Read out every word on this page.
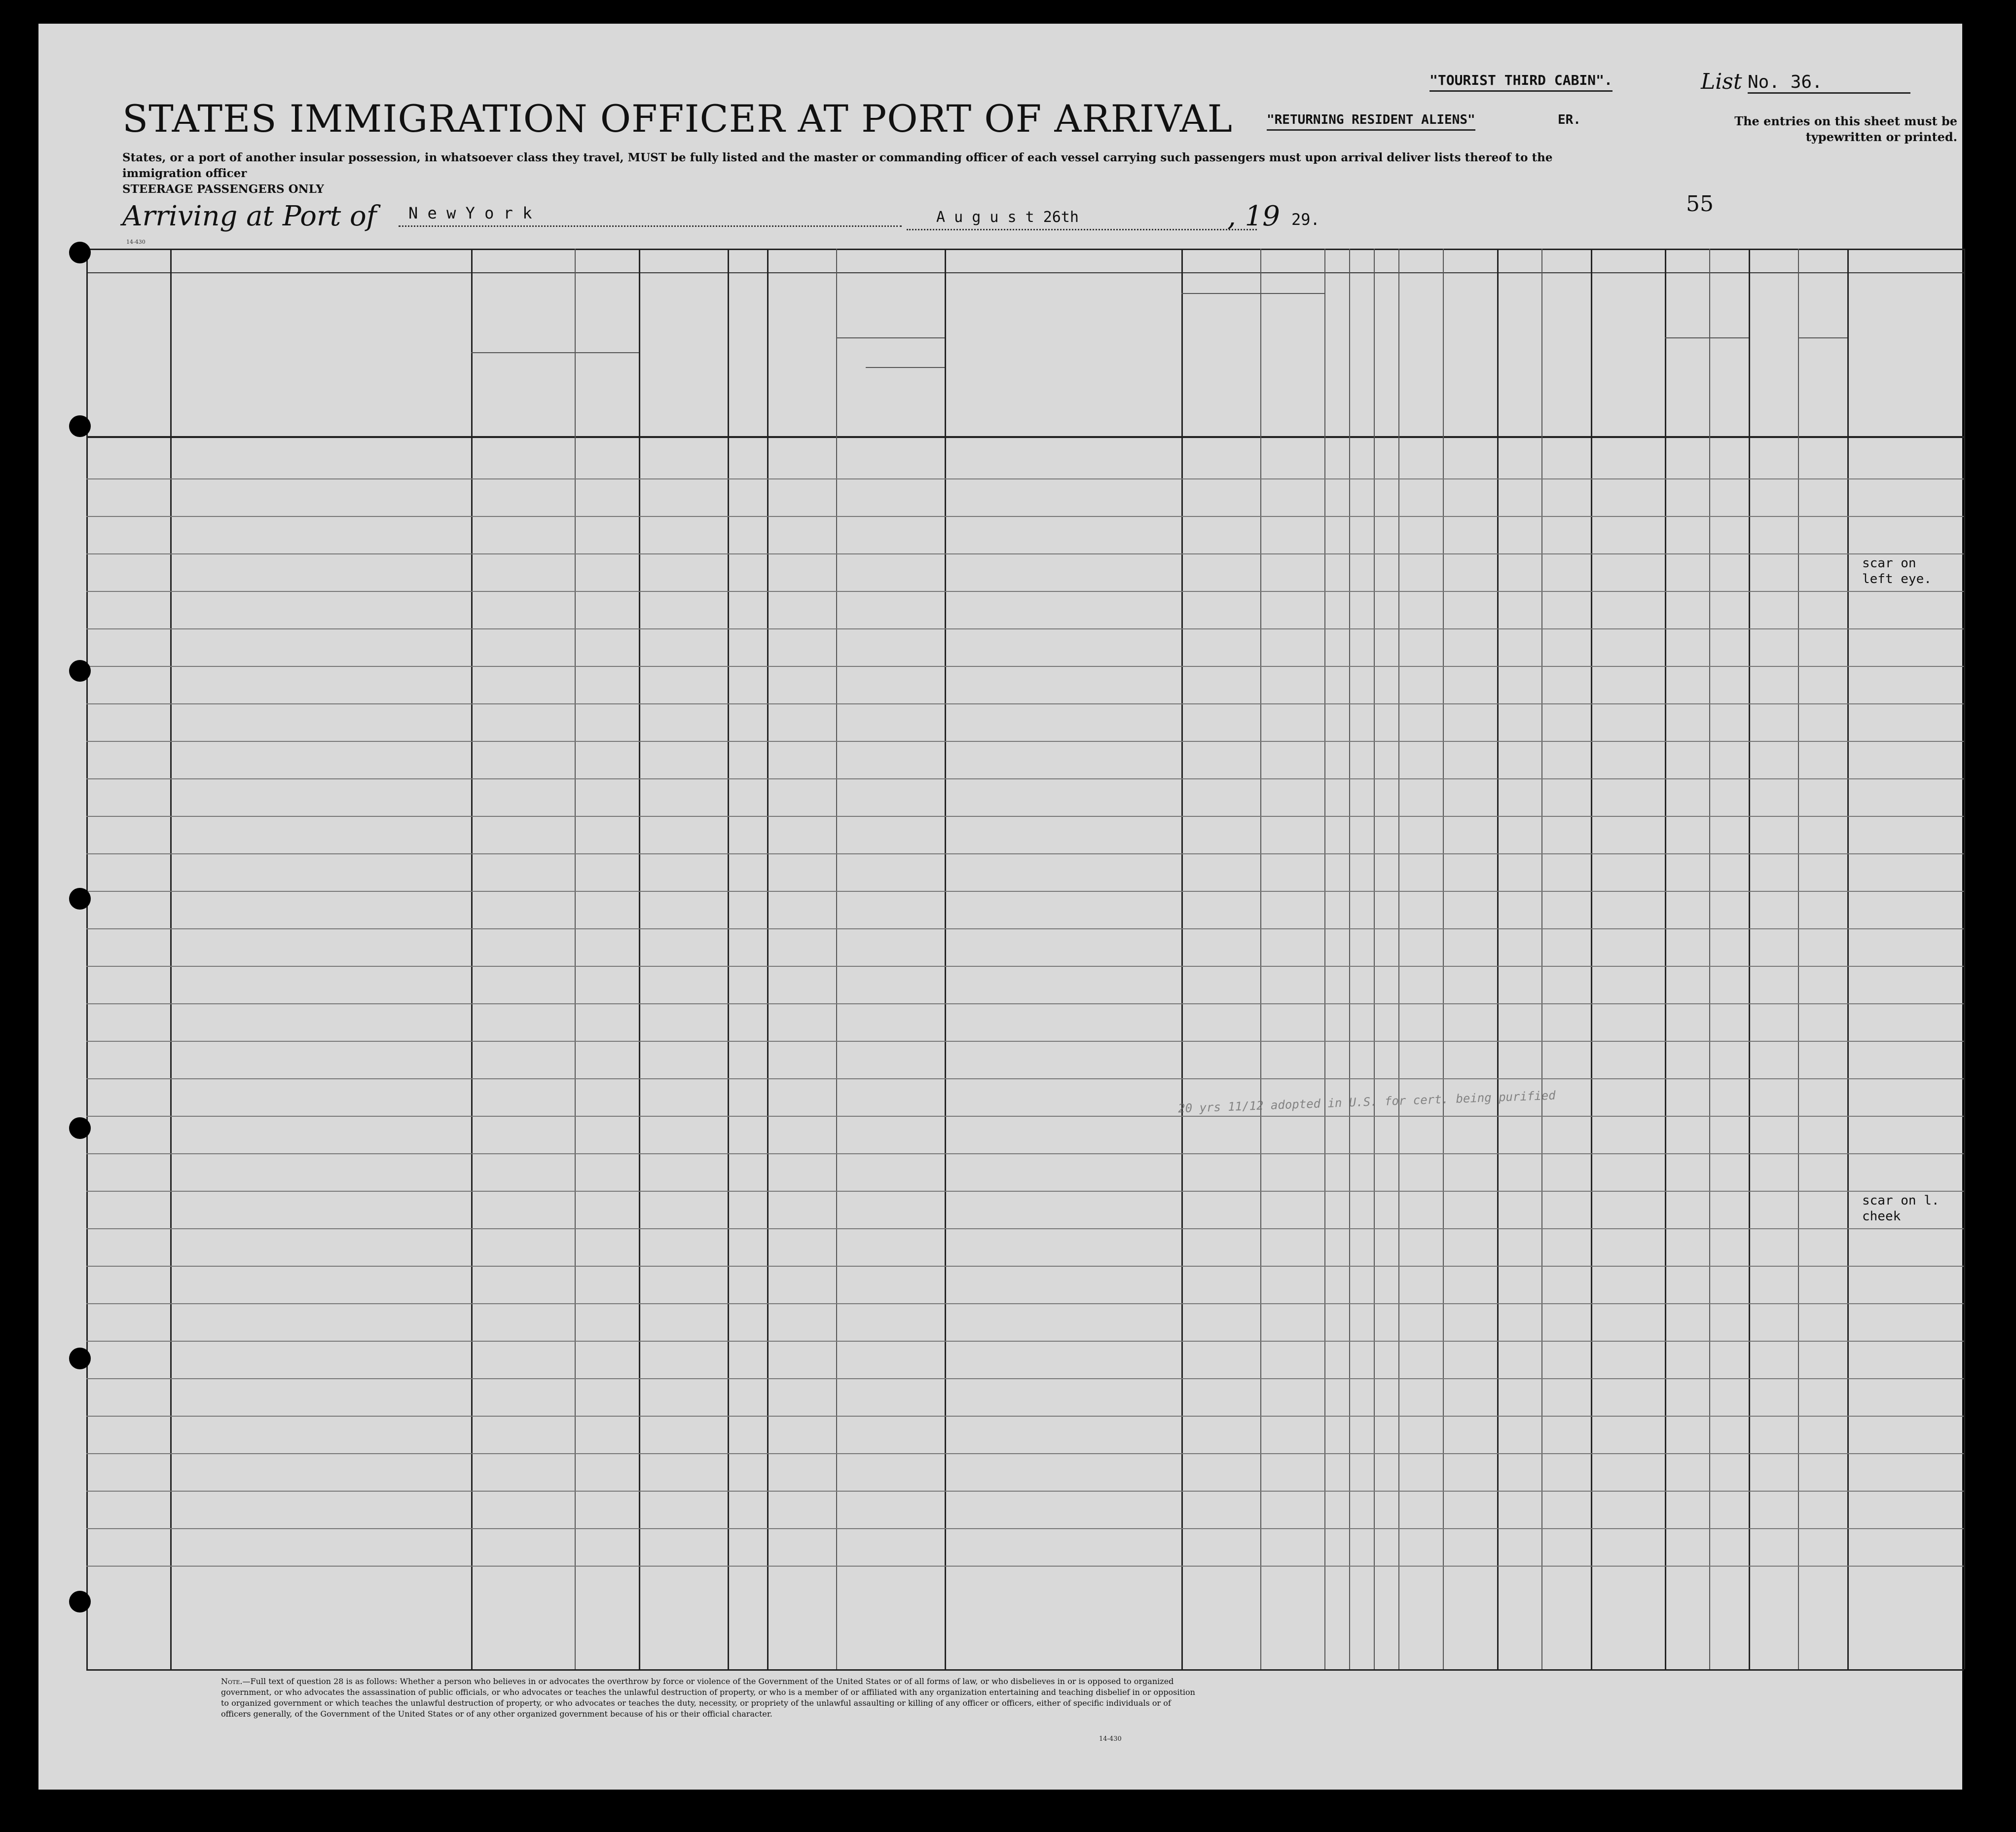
STATES IMMIGRATION OFFICER AT PORT OF ARRIVAL
States, or a port of another insular possession, in whatsoever class they travel, MUST be fully listed and the master or commanding officer of each vessel carrying such passengers must upon arrival deliver lists thereof to the immigration officer
STEERAGE PASSENGERS ONLY
"TOURIST THIRD CABIN".
"RETURNING RESIDENT ALIENS"	ER.
List No. 36.
The entries on this sheet must be typewritten or printed.
Arriving at Port of	N e w Y o r k	A u g u s t 26th	, 19 29.
55
14-430
scar on
left eye.
scar on l.
cheek
20 yrs 11/12 adopted in U.S. for cert. being purified
Note.—Full text of question 28 is as follows: Whether a person who believes in or advocates the overthrow by force or violence of the Government of the United States or of all forms of law, or who disbelieves in or is opposed to organized government, or who advocates the assassination of public officials, or who advocates or teaches the unlawful destruction of property, or who is a member of or affiliated with any organization entertaining and teaching disbelief in or opposition to organized government or which teaches the unlawful destruction of property, or who advocates or teaches the duty, necessity, or propriety of the unlawful assaulting or killing of any officer or officers, either of specific individuals or of officers generally, of the Government of the United States or of any other organized government because of his or their official character.
14-430
